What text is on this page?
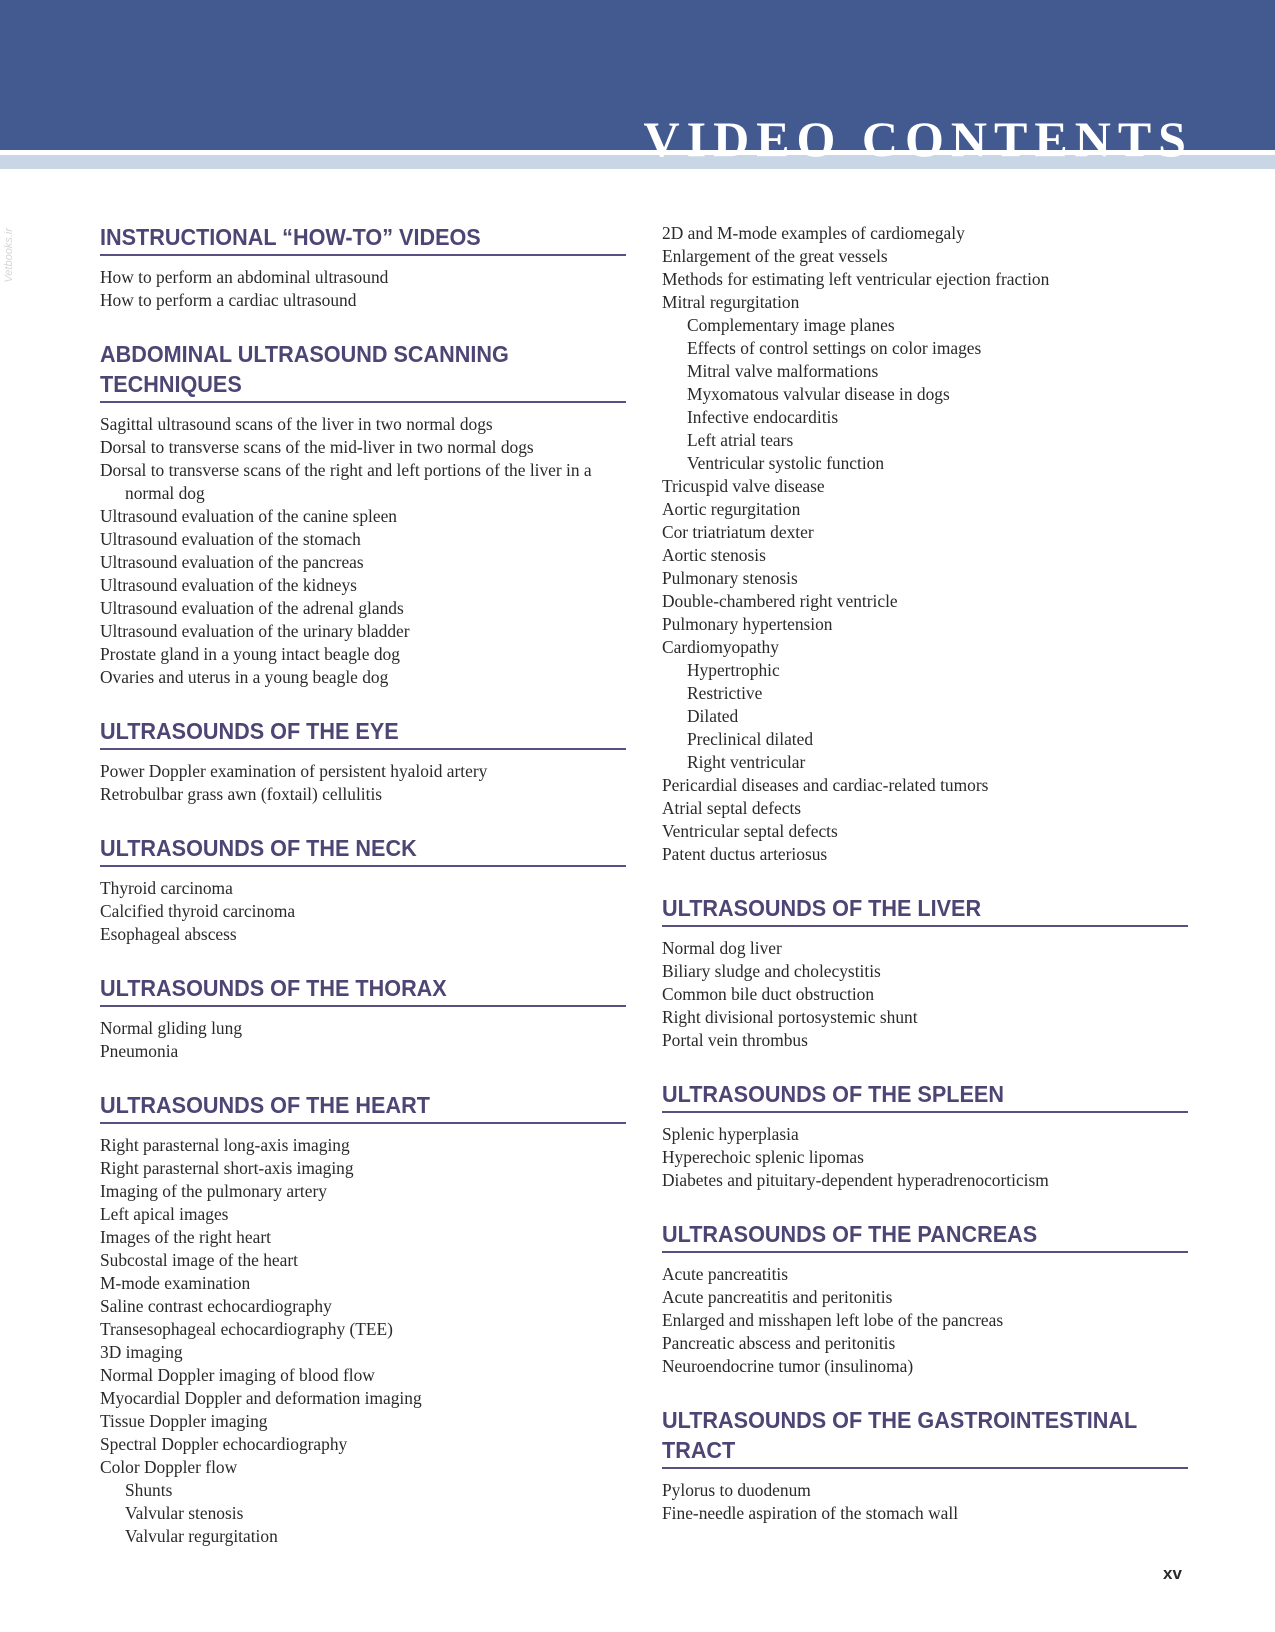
VIDEO CONTENTS
Vetbooks.ir	INSTRUCTIONAL “HOW-TO” VIDEOS
How to perform an abdominal ultrasound
How to perform a cardiac ultrasound
ABDOMINAL ULTRASOUND SCANNING TECHNIQUES
Sagittal ultrasound scans of the liver in two normal dogs
Dorsal to transverse scans of the mid-liver in two normal dogs
Dorsal to transverse scans of the right and left portions of the liver in a normal dog
Ultrasound evaluation of the canine spleen
Ultrasound evaluation of the stomach
Ultrasound evaluation of the pancreas
Ultrasound evaluation of the kidneys
Ultrasound evaluation of the adrenal glands
Ultrasound evaluation of the urinary bladder
Prostate gland in a young intact beagle dog
Ovaries and uterus in a young beagle dog
ULTRASOUNDS OF THE EYE
Power Doppler examination of persistent hyaloid artery
Retrobulbar grass awn (foxtail) cellulitis
ULTRASOUNDS OF THE NECK
Thyroid carcinoma
Calcified thyroid carcinoma
Esophageal abscess
ULTRASOUNDS OF THE THORAX
Normal gliding lung
Pneumonia
ULTRASOUNDS OF THE HEART
Right parasternal long-axis imaging
Right parasternal short-axis imaging
Imaging of the pulmonary artery
Left apical images
Images of the right heart
Subcostal image of the heart
M-mode examination
Saline contrast echocardiography
Transesophageal echocardiography (TEE)
3D imaging
Normal Doppler imaging of blood flow
Myocardial Doppler and deformation imaging
Tissue Doppler imaging
Spectral Doppler echocardiography
Color Doppler flow
Shunts
Valvular stenosis
Valvular regurgitation
2D and M-mode examples of cardiomegaly
Enlargement of the great vessels
Methods for estimating left ventricular ejection fraction
Mitral regurgitation
Complementary image planes
Effects of control settings on color images
Mitral valve malformations
Myxomatous valvular disease in dogs
Infective endocarditis
Left atrial tears
Ventricular systolic function
Tricuspid valve disease
Aortic regurgitation
Cor triatriatum dexter
Aortic stenosis
Pulmonary stenosis
Double-chambered right ventricle
Pulmonary hypertension
Cardiomyopathy
Hypertrophic
Restrictive
Dilated
Preclinical dilated
Right ventricular
Pericardial diseases and cardiac-related tumors
Atrial septal defects
Ventricular septal defects
Patent ductus arteriosus
ULTRASOUNDS OF THE LIVER
Normal dog liver
Biliary sludge and cholecystitis
Common bile duct obstruction
Right divisional portosystemic shunt
Portal vein thrombus
ULTRASOUNDS OF THE SPLEEN
Splenic hyperplasia
Hyperechoic splenic lipomas
Diabetes and pituitary-dependent hyperadrenocorticism
ULTRASOUNDS OF THE PANCREAS
Acute pancreatitis
Acute pancreatitis and peritonitis
Enlarged and misshapen left lobe of the pancreas
Pancreatic abscess and peritonitis
Neuroendocrine tumor (insulinoma)
ULTRASOUNDS OF THE GASTROINTESTINAL TRACT
Pylorus to duodenum
Fine-needle aspiration of the stomach wall
xv
